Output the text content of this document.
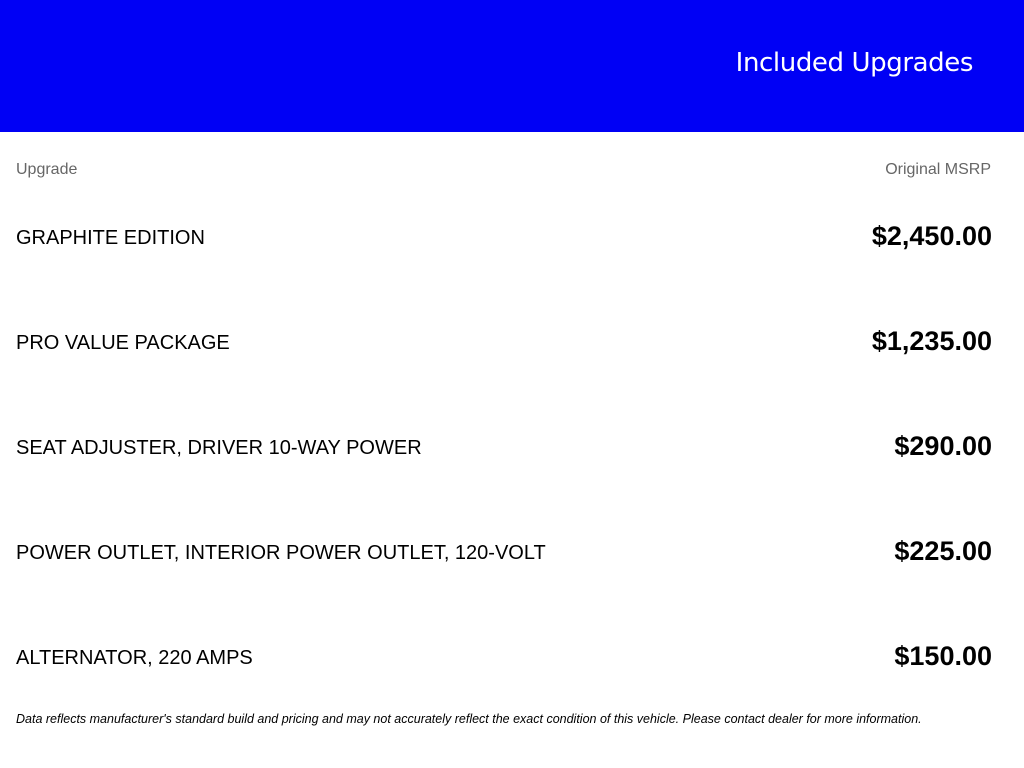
Included Upgrades
Upgrade	Original MSRP
GRAPHITE EDITION	$2,450.00
PRO VALUE PACKAGE	$1,235.00
SEAT ADJUSTER, DRIVER 10-WAY POWER	$290.00
POWER OUTLET, INTERIOR POWER OUTLET, 120-VOLT	$225.00
ALTERNATOR, 220 AMPS	$150.00
Data reflects manufacturer's standard build and pricing and may not accurately reflect the exact condition of this vehicle. Please contact dealer for more information.
